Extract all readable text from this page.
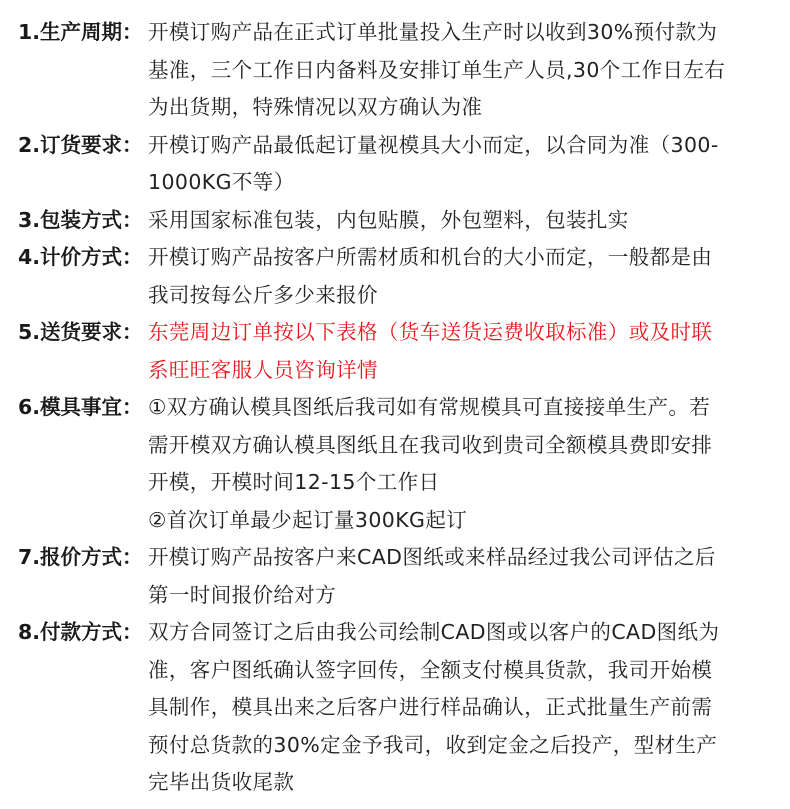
1.生产周期： 开模订购产品在正式订单批量投入生产时以收到30%预付款为
基准，三个工作日内备料及安排订单生产人员,30个工作日左右
为出货期，特殊情况以双方确认为准
2.订货要求： 开模订购产品最低起订量视模具大小而定，以合同为准（300-
1000KG不等）
3.包装方式： 采用国家标准包装，内包贴膜，外包塑料，包装扎实
4.计价方式： 开模订购产品按客户所需材质和机台的大小而定，一般都是由
我司按每公斤多少来报价
5.送货要求： 东莞周边订单按以下表格（货车送货运费收取标准）或及时联
系旺旺客服人员咨询详情
6.模具事宜： ①双方确认模具图纸后我司如有常规模具可直接接单生产。若
需开模双方确认模具图纸且在我司收到贵司全额模具费即安排
开模，开模时间12-15个工作日
②首次订单最少起订量300KG起订
7.报价方式： 开模订购产品按客户来CAD图纸或来样品经过我公司评估之后
第一时间报价给对方
8.付款方式： 双方合同签订之后由我公司绘制CAD图或以客户的CAD图纸为
准，客户图纸确认签字回传，全额支付模具货款，我司开始模
具制作，模具出来之后客户进行样品确认，正式批量生产前需
预付总货款的30%定金予我司，收到定金之后投产，型材生产
完毕出货收尾款
